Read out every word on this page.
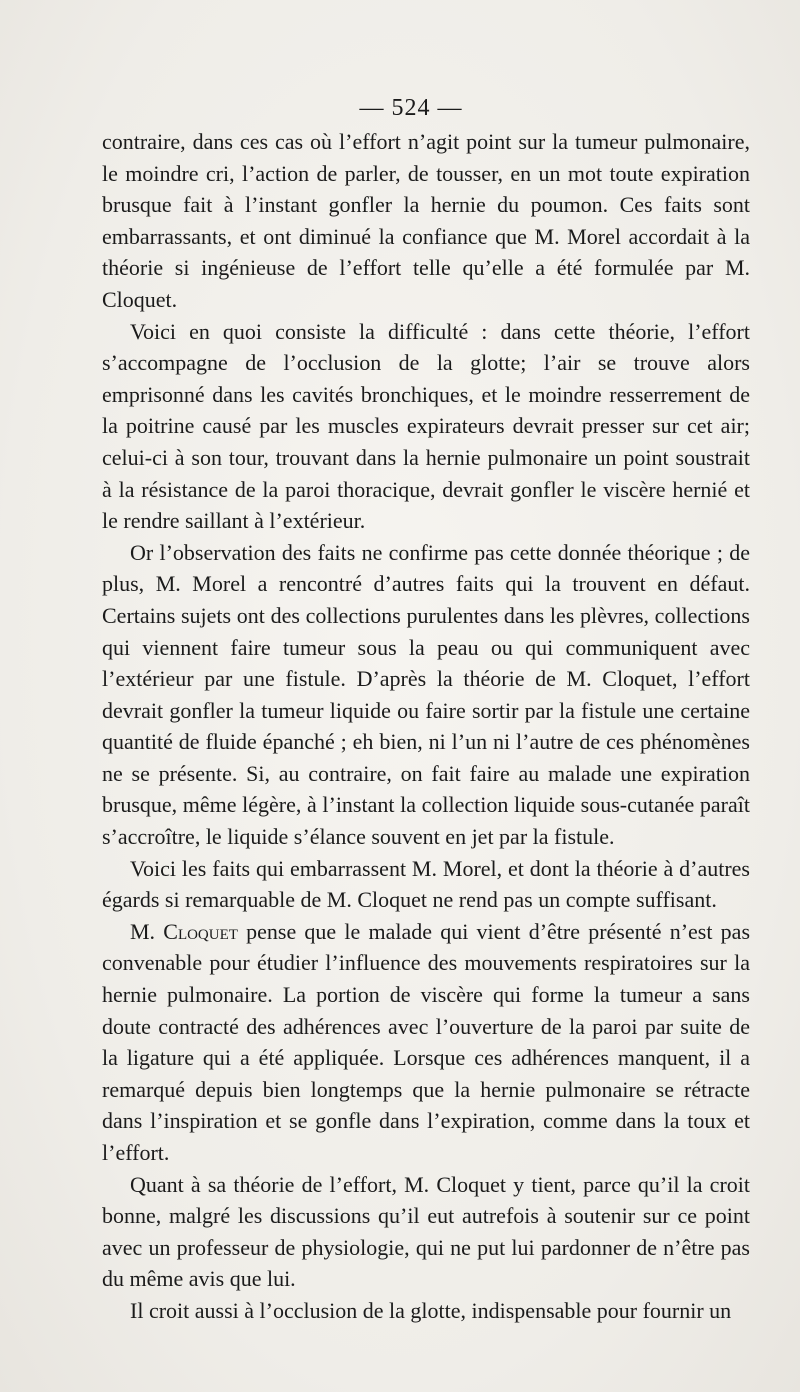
— 524 —

contraire, dans ces cas où l’effort n’agit point sur la tumeur pulmonaire, le moindre cri, l’action de parler, de tousser, en un mot toute expiration brusque fait à l’instant gonfler la hernie du poumon. Ces faits sont embarrassants, et ont diminué la confiance que M. Morel accordait à la théorie si ingénieuse de l’effort telle qu’elle a été formulée par M. Cloquet.

Voici en quoi consiste la difficulté : dans cette théorie, l’effort s’accompagne de l’occlusion de la glotte; l’air se trouve alors emprisonné dans les cavités bronchiques, et le moindre resserrement de la poitrine causé par les muscles expirateurs devrait presser sur cet air; celui-ci à son tour, trouvant dans la hernie pulmonaire un point soustrait à la résistance de la paroi thoracique, devrait gonfler le viscère hernié et le rendre saillant à l’extérieur.

Or l’observation des faits ne confirme pas cette donnée théorique ; de plus, M. Morel a rencontré d’autres faits qui la trouvent en défaut. Certains sujets ont des collections purulentes dans les plèvres, collections qui viennent faire tumeur sous la peau ou qui communiquent avec l’extérieur par une fistule. D’après la théorie de M. Cloquet, l’effort devrait gonfler la tumeur liquide ou faire sortir par la fistule une certaine quantité de fluide épanché ; eh bien, ni l’un ni l’autre de ces phénomènes ne se présente. Si, au contraire, on fait faire au malade une expiration brusque, même légère, à l’instant la collection liquide sous-cutanée paraît s’accroître, le liquide s’élance souvent en jet par la fistule.

Voici les faits qui embarrassent M. Morel, et dont la théorie à d’autres égards si remarquable de M. Cloquet ne rend pas un compte suffisant.

M. Cloquet pense que le malade qui vient d’être présenté n’est pas convenable pour étudier l’influence des mouvements respiratoires sur la hernie pulmonaire. La portion de viscère qui forme la tumeur a sans doute contracté des adhérences avec l’ouverture de la paroi par suite de la ligature qui a été appliquée. Lorsque ces adhérences manquent, il a remarqué depuis bien longtemps que la hernie pulmonaire se rétracte dans l’inspiration et se gonfle dans l’expiration, comme dans la toux et l’effort.

Quant à sa théorie de l’effort, M. Cloquet y tient, parce qu’il la croit bonne, malgré les discussions qu’il eut autrefois à soutenir sur ce point avec un professeur de physiologie, qui ne put lui pardonner de n’être pas du même avis que lui.

Il croit aussi à l’occlusion de la glotte, indispensable pour fournir un
